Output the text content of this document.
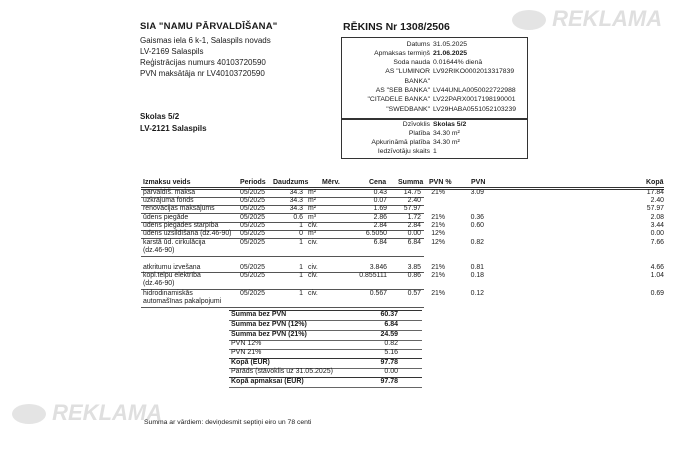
REKLAMA
REKLAMA
SIA "NAMU PĀRVALDĪŠANA"
Gaismas iela 6 k-1, Salaspils novads
LV-2169 Salaspils
Reģistrācijas numurs 40103720590
PVN maksātāja nr LV40103720590
RĒKINS Nr 1308/2506
Skolas 5/2
LV-2121 Salaspils
Summa ar vārdiem: deviņdesmit septiņi eiro un 78 centi
Datums 31.05.2025
Apmaksas termiņš 21.06.2025
Soda nauda 0.01644% dienā
AS "LUMINOR LV92RIKO0002013317839
BANKA"
AS "SEB BANKA" LV44UNLA0050022722988
"CITADELE BANKA" LV22PARX0017198190001
"SWEDBANK" LV29HABA0551052103239
Dzīvoklis Skolas 5/2
Platība 34.30 m²
Apkurināmā platība 34.30 m²
Iedzīvotāju skaits 1
Izmaksu veids	Periods Daudzums Mērv.	Cena Summa PVN %	PVN	Kopā
pārvaldīš. maksa	05/2025	34.3 m²	0.43 14.75 21%	3.09	17.84
uzkrājuma fonds	05/2025	34.3 m²	0.07	2.40	2.40
renovācijas maksājums	05/2025	34.3 m²	1.69 57.97	57.97
ūdens piegāde	05/2025	0.6 m³	2.86	1.72 21%	0.36	2.08
ūdens piegādes starpība	05/2025	1 civ.	2.84	2.84 21%	0.60	3.44
ūdens uzsildīšana (dz.46-90) 05/2025	0 m³	6.5050	0.00 12%	0.00
karstā ūd. cirkulācija	05/2025	1 civ.	6.84	6.84 12%	0.82	7.66
(dz.46-90)
atkritumu izvešana	05/2025	1 civ.	3.846	3.85 21%	0.81	4.66
kopl.telpu elektrība	05/2025	1 civ.	0.855111	0.86 21%	0.18	1.04
(dz.46-90)
hidrodinamiskās	05/2025	1 civ.	0.567	0.57 21%	0.12	0.69
automašīnas pakalpojumi
Summa bez PVN	60.37
Summa bez PVN (12%)	6.84
Summa bez PVN (21%)	24.59
PVN 12%	0.82
PVN 21%	5.16
Kopā (EUR)	97.78
Parāds (stāvoklis uz 31.05.2025)	0.00
Kopā apmaksai (EUR)	97.78
